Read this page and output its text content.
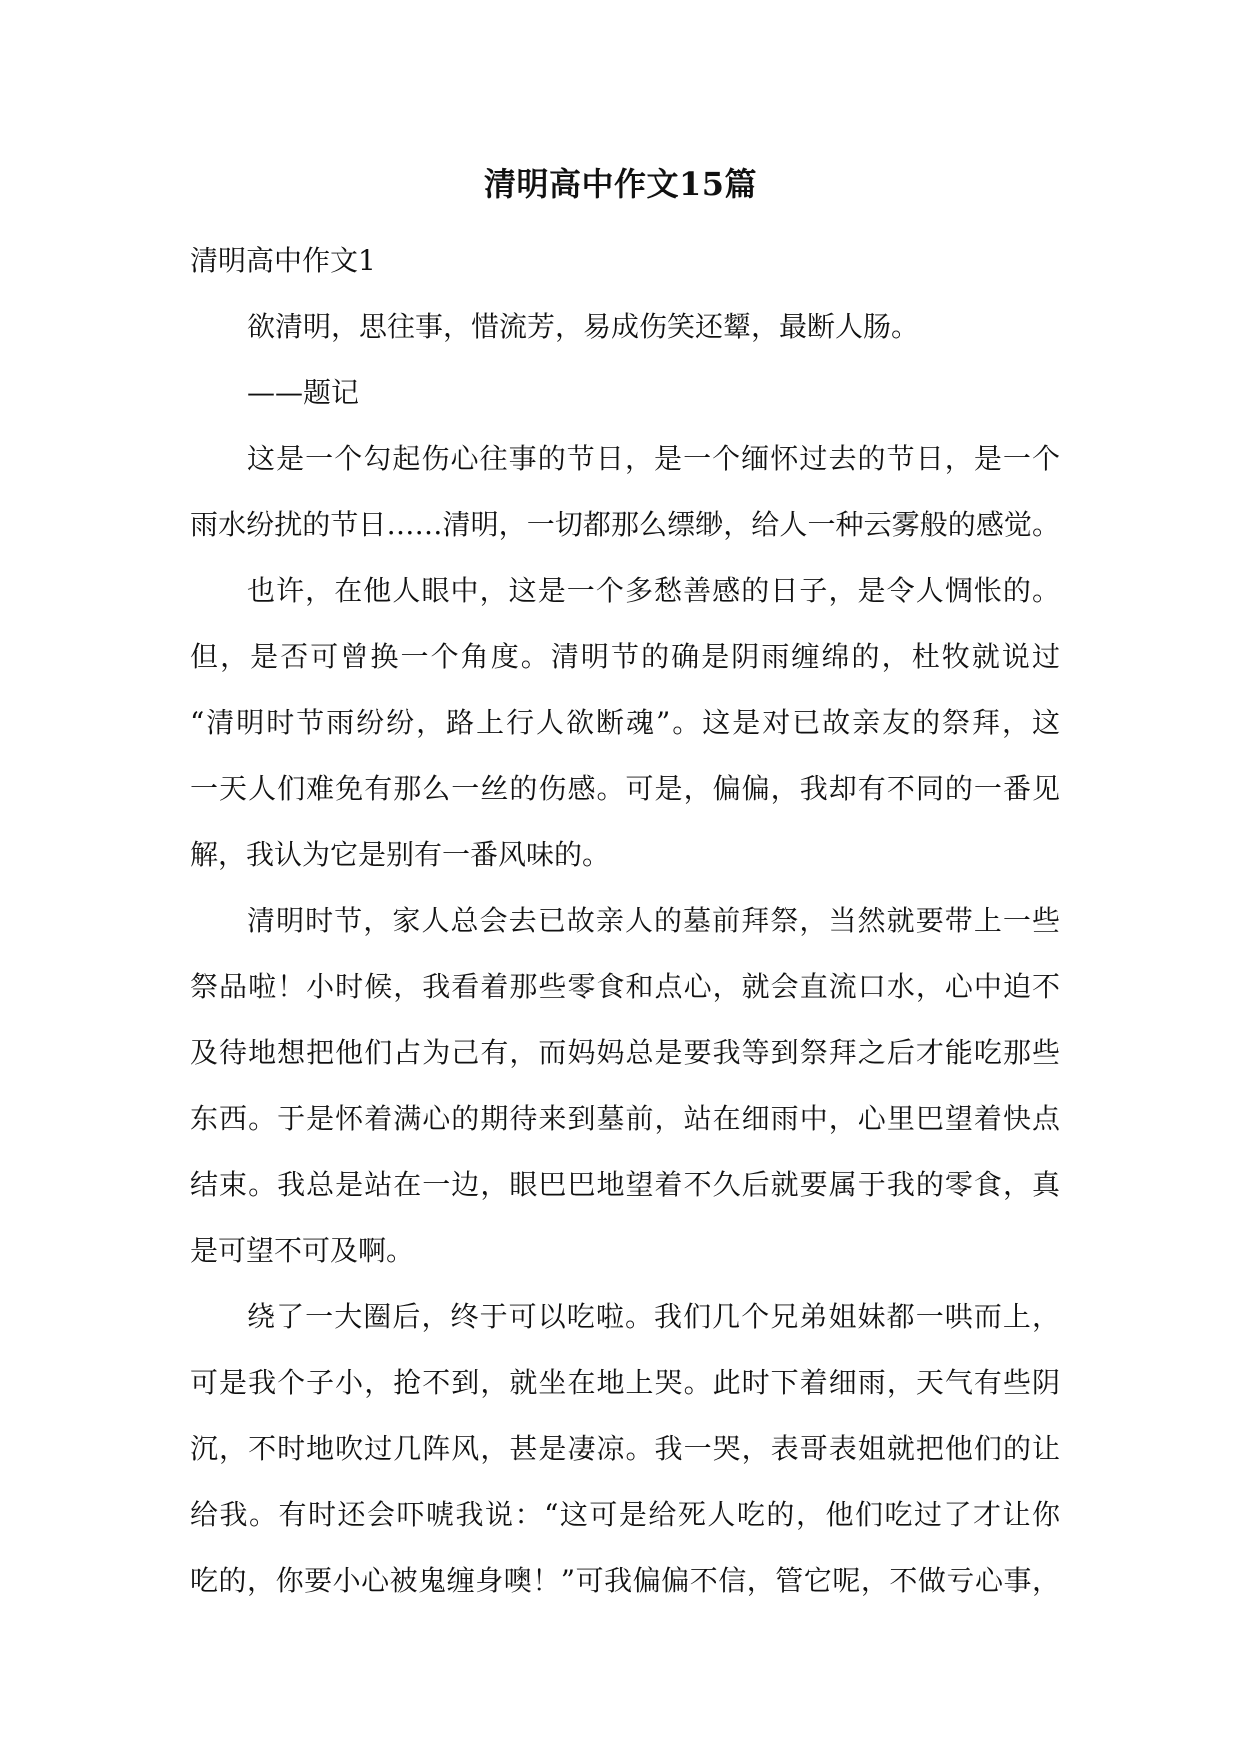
清明高中作文15篇
清明高中作文1
欲清明，思往事，惜流芳，易成伤笑还颦，最断人肠。
——题记
这是一个勾起伤心往事的节日，是一个缅怀过去的节日，是一个
雨水纷扰的节日……清明，一切都那么缥缈，给人一种云雾般的感觉。
也许，在他人眼中，这是一个多愁善感的日子，是令人惆怅的。
但，是否可曾换一个角度。清明节的确是阴雨缠绵的，杜牧就说过
“清明时节雨纷纷，路上行人欲断魂”。这是对已故亲友的祭拜，这
一天人们难免有那么一丝的伤感。可是，偏偏，我却有不同的一番见
解，我认为它是别有一番风味的。
清明时节，家人总会去已故亲人的墓前拜祭，当然就要带上一些
祭品啦！小时候，我看着那些零食和点心，就会直流口水，心中迫不
及待地想把他们占为己有，而妈妈总是要我等到祭拜之后才能吃那些
东西。于是怀着满心的期待来到墓前，站在细雨中，心里巴望着快点
结束。我总是站在一边，眼巴巴地望着不久后就要属于我的零食，真
是可望不可及啊。
绕了一大圈后，终于可以吃啦。我们几个兄弟姐妹都一哄而上，
可是我个子小，抢不到，就坐在地上哭。此时下着细雨，天气有些阴
沉，不时地吹过几阵风，甚是凄凉。我一哭，表哥表姐就把他们的让
给我。有时还会吓唬我说：“这可是给死人吃的，他们吃过了才让你
吃的，你要小心被鬼缠身噢！”可我偏偏不信，管它呢，不做亏心事，
